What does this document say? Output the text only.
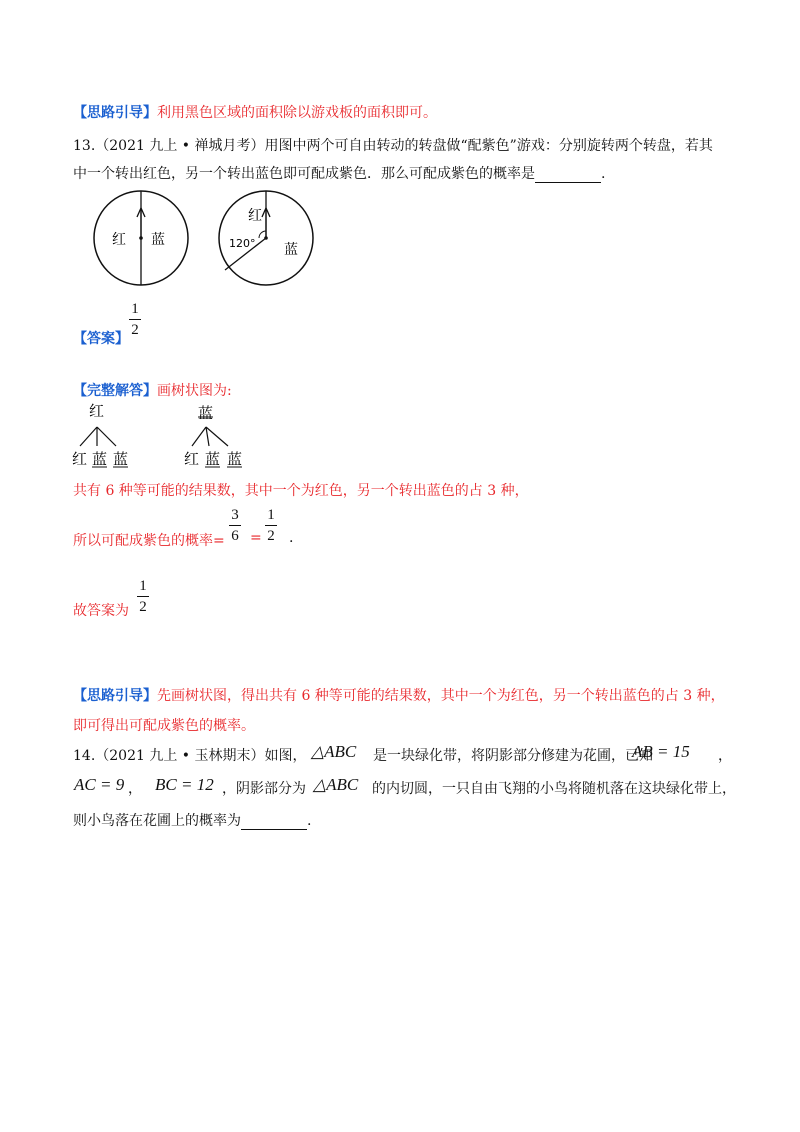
【思路引导】利用黑色区域的面积除以游戏板的面积即可。
13.（2021 九上 • 禅城月考）用图中两个可自由转动的转盘做“配紫色”游戏：分别旋转两个转盘，若其
中一个转出红色，另一个转出蓝色即可配成紫色．那么可配成紫色的概率是	.
红 蓝
红
120° 蓝
【答案】
1
2
【完整解答】画树状图为:
红
红 蓝 蓝
蓝
红 蓝 蓝
共有 6 种等可能的结果数，其中一个为红色，另一个转出蓝色的占 3 种，
所以可配成紫色的概率=
3
6 =
1
2 .
故答案为
1
2
【思路引导】先画树状图，得出共有 6 种等可能的结果数，其中一个为红色，另一个转出蓝色的占 3 种，
即可得出可配成紫色的概率。
14.（2021 九上 • 玉林期末）如图， △ABC 是一块绿化带，将阴影部分修建为花圃，已知
AB = 15 ，
AC = 9 ， BC = 12 ，阴影部分为 △ABC 的内切圆，一只自由飞翔的小鸟将随机落在这块绿化带上，
则小鸟落在花圃上的概率为	.
